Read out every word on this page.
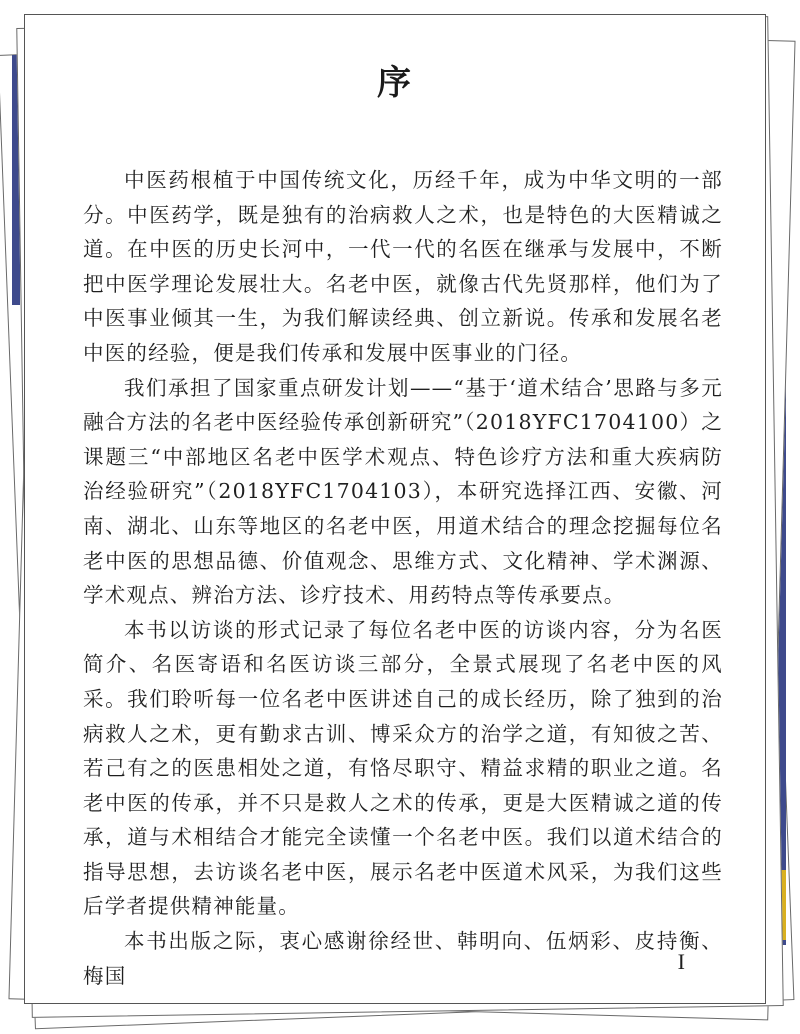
序

中医药根植于中国传统文化，历经千年，成为中华文明的一部分。中医药学，既是独有的治病救人之术，也是特色的大医精诚之道。在中医的历史长河中，一代一代的名医在继承与发展中，不断把中医学理论发展壮大。名老中医，就像古代先贤那样，他们为了中医事业倾其一生，为我们解读经典、创立新说。传承和发展名老中医的经验，便是我们传承和发展中医事业的门径。

我们承担了国家重点研发计划——“基于‘道术结合’思路与多元融合方法的名老中医经验传承创新研究”（2018YFC1704100）之课题三“中部地区名老中医学术观点、特色诊疗方法和重大疾病防治经验研究”（2018YFC1704103），本研究选择江西、安徽、河南、湖北、山东等地区的名老中医，用道术结合的理念挖掘每位名老中医的思想品德、价值观念、思维方式、文化精神、学术渊源、学术观点、辨治方法、诊疗技术、用药特点等传承要点。

本书以访谈的形式记录了每位名老中医的访谈内容，分为名医简介、名医寄语和名医访谈三部分，全景式展现了名老中医的风采。我们聆听每一位名老中医讲述自己的成长经历，除了独到的治病救人之术，更有勤求古训、博采众方的治学之道，有知彼之苦、若己有之的医患相处之道，有恪尽职守、精益求精的职业之道。名老中医的传承，并不只是救人之术的传承，更是大医精诚之道的传承，道与术相结合才能完全读懂一个名老中医。我们以道术结合的指导思想，去访谈名老中医，展示名老中医道术风采，为我们这些后学者提供精神能量。

本书出版之际，衷心感谢徐经世、韩明向、伍炳彩、皮持衡、梅国

I
